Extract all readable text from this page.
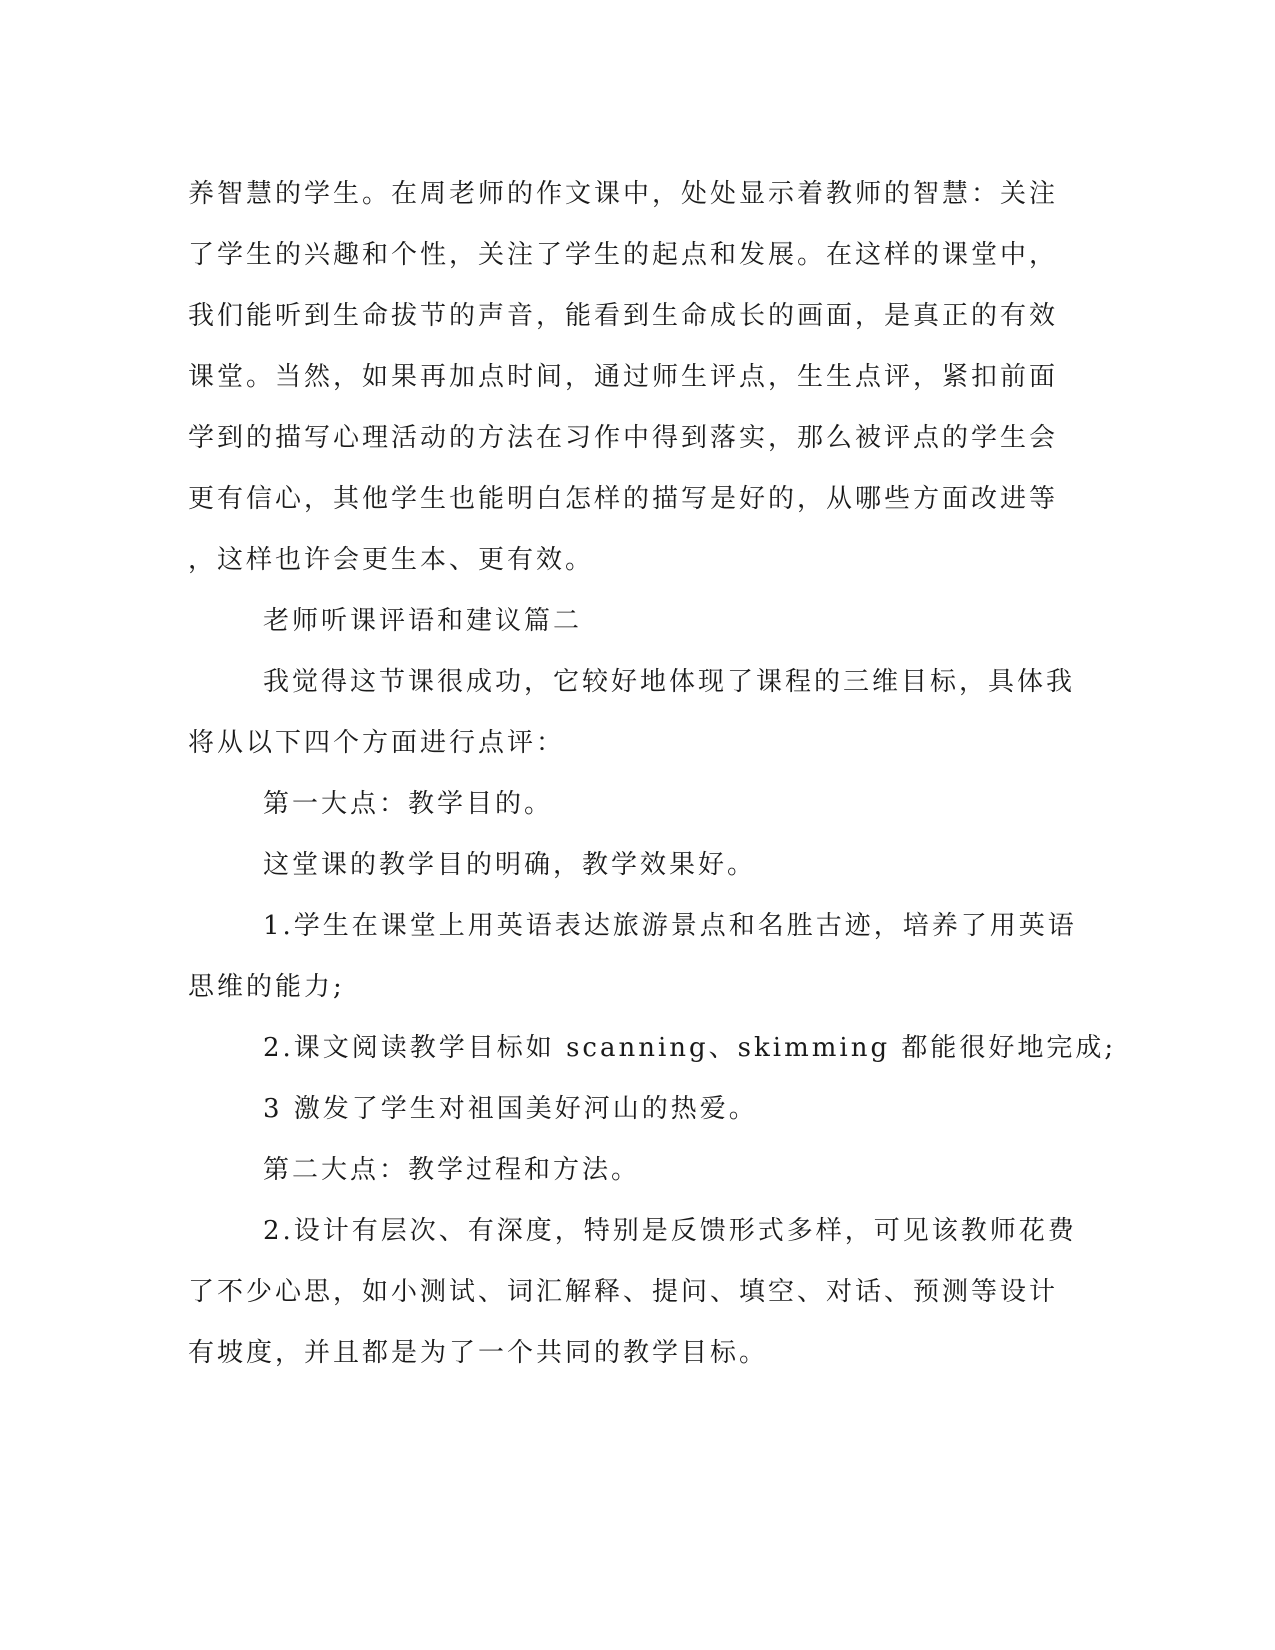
养智慧的学生。在周老师的作文课中，处处显示着教师的智慧：关注
了学生的兴趣和个性，关注了学生的起点和发展。在这样的课堂中，
我们能听到生命拔节的声音，能看到生命成长的画面，是真正的有效
课堂。当然，如果再加点时间，通过师生评点，生生点评，紧扣前面
学到的描写心理活动的方法在习作中得到落实，那么被评点的学生会
更有信心，其他学生也能明白怎样的描写是好的，从哪些方面改进等
，这样也许会更生本、更有效。
老师听课评语和建议篇二
我觉得这节课很成功，它较好地体现了课程的三维目标，具体我
将从以下四个方面进行点评：
第一大点：教学目的。
这堂课的教学目的明确，教学效果好。
1.学生在课堂上用英语表达旅游景点和名胜古迹，培养了用英语
思维的能力;
2.课文阅读教学目标如 scanning、skimming 都能很好地完成;
3 激发了学生对祖国美好河山的热爱。
第二大点：教学过程和方法。
2.设计有层次、有深度，特别是反馈形式多样，可见该教师花费
了不少心思，如小测试、词汇解释、提问、填空、对话、预测等设计
有坡度，并且都是为了一个共同的教学目标。
